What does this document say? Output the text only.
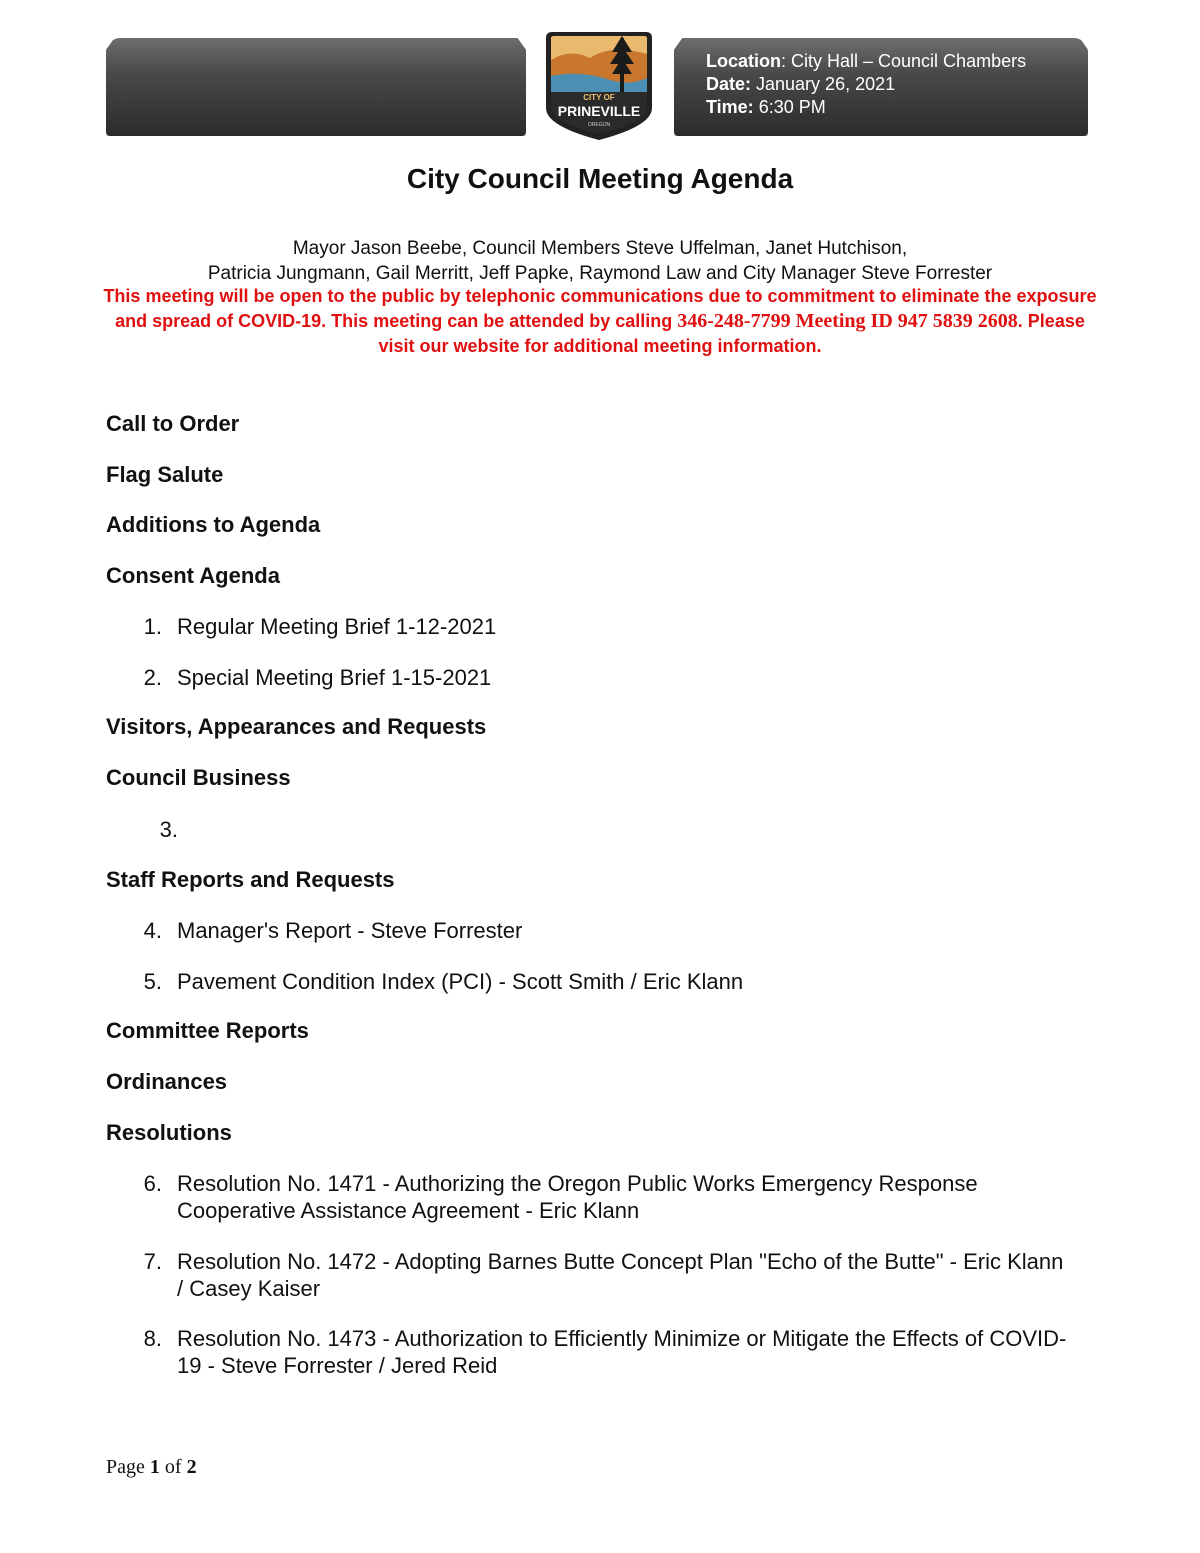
Location: City Hall – Council Chambers
Date: January 26, 2021
Time: 6:30 PM
CITY OF
PRINEVILLE
OREGON
City Council Meeting Agenda
Mayor Jason Beebe, Council Members Steve Uffelman, Janet Hutchison,
Patricia Jungmann, Gail Merritt, Jeff Papke, Raymond Law and City Manager Steve Forrester
This meeting will be open to the public by telephonic communications due to commitment to eliminate the exposure and spread of COVID-19. This meeting can be attended by calling 346-248-7799 Meeting ID 947 5839 2608. Please visit our website for additional meeting information.
Call to Order
Flag Salute
Additions to Agenda
Consent Agenda
1. Regular Meeting Brief 1-12-2021
2. Special Meeting Brief 1-15-2021
Visitors, Appearances and Requests
Council Business
3.
Staff Reports and Requests
4. Manager's Report - Steve Forrester
5. Pavement Condition Index (PCI) - Scott Smith / Eric Klann
Committee Reports
Ordinances
Resolutions
6. Resolution No. 1471 - Authorizing the Oregon Public Works Emergency Response Cooperative Assistance Agreement - Eric Klann
7. Resolution No. 1472 - Adopting Barnes Butte Concept Plan "Echo of the Butte" - Eric Klann / Casey Kaiser
8. Resolution No. 1473 - Authorization to Efficiently Minimize or Mitigate the Effects of COVID-19 - Steve Forrester / Jered Reid
Page 1 of 2
